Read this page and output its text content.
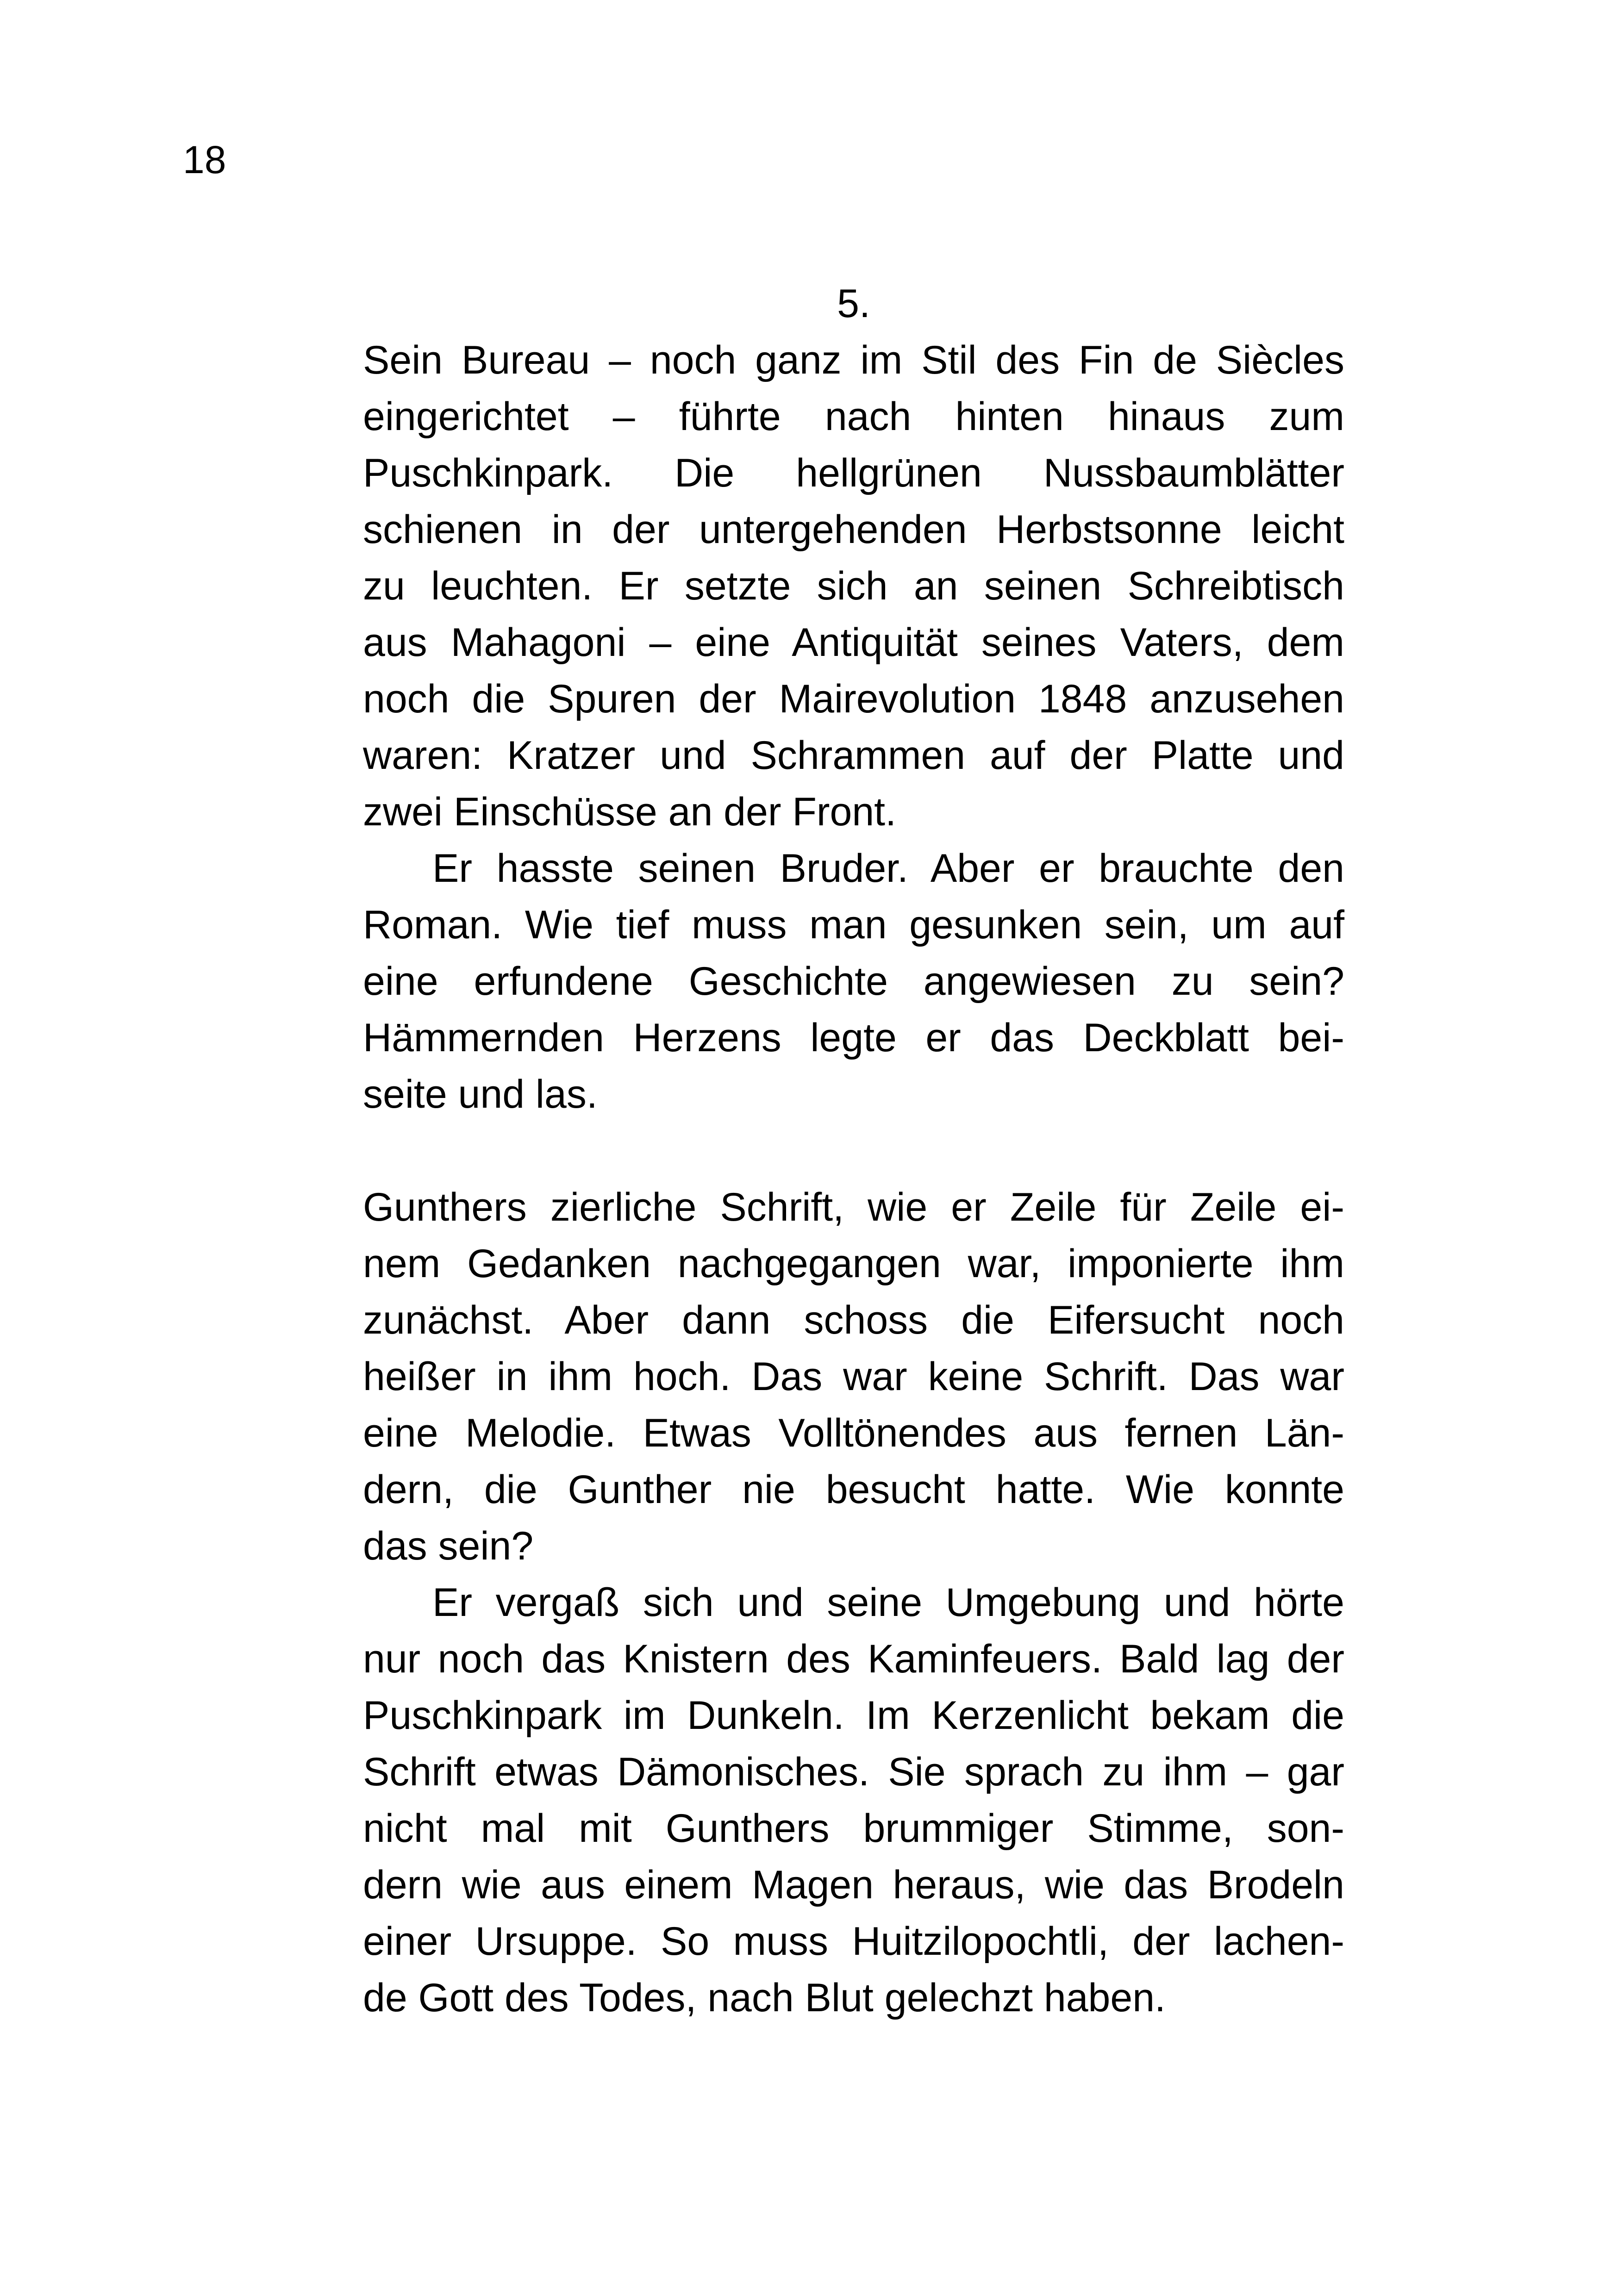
18
5.
Sein Bureau – noch ganz im Stil des Fin de Siècles
eingerichtet – führte nach hinten hinaus zum
Puschkinpark. Die hellgrünen Nussbaumblätter
schienen in der untergehenden Herbstsonne leicht
zu leuchten. Er setzte sich an seinen Schreibtisch
aus Mahagoni – eine Antiquität seines Vaters, dem
noch die Spuren der Mairevolution 1848 anzusehen
waren: Kratzer und Schrammen auf der Platte und
zwei Einschüsse an der Front.
Er hasste seinen Bruder. Aber er brauchte den
Roman. Wie tief muss man gesunken sein, um auf
eine erfundene Geschichte angewiesen zu sein?
Hämmernden Herzens legte er das Deckblatt bei-
seite und las.
Gunthers zierliche Schrift, wie er Zeile für Zeile ei-
nem Gedanken nachgegangen war, imponierte ihm
zunächst. Aber dann schoss die Eifersucht noch
heißer in ihm hoch. Das war keine Schrift. Das war
eine Melodie. Etwas Volltönendes aus fernen Län-
dern, die Gunther nie besucht hatte. Wie konnte
das sein?
Er vergaß sich und seine Umgebung und hörte
nur noch das Knistern des Kaminfeuers. Bald lag der
Puschkinpark im Dunkeln. Im Kerzenlicht bekam die
Schrift etwas Dämonisches. Sie sprach zu ihm – gar
nicht mal mit Gunthers brummiger Stimme, son-
dern wie aus einem Magen heraus, wie das Brodeln
einer Ursuppe. So muss Huitzilopochtli, der lachen-
de Gott des Todes, nach Blut gelechzt haben.
